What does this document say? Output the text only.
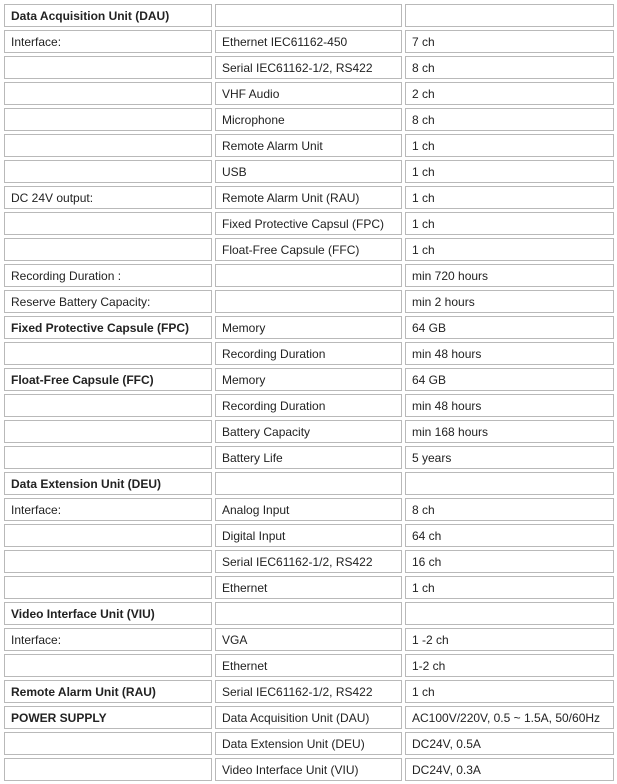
Data Acquisition Unit (DAU)		
Interface:	Ethernet IEC61162-450	7 ch
	Serial IEC61162-1/2, RS422	8 ch
	VHF Audio	2 ch
	Microphone	8 ch
	Remote Alarm Unit	1 ch
	USB	1 ch
DC 24V output:	Remote Alarm Unit (RAU)	1 ch
	Fixed Protective Capsul (FPC)	1 ch
	Float-Free Capsule (FFC)	1 ch
Recording Duration :		min 720 hours
Reserve Battery Capacity:		min 2 hours
Fixed Protective Capsule (FPC)	Memory	64 GB
	Recording Duration	min 48 hours
Float-Free Capsule (FFC)	Memory	64 GB
	Recording Duration	min 48 hours
	Battery Capacity	min 168 hours
	Battery Life	5 years
Data Extension Unit (DEU)		
Interface:	Analog Input	8 ch
	Digital Input	64 ch
	Serial IEC61162-1/2, RS422	16 ch
	Ethernet	1 ch
Video Interface Unit (VIU)		
Interface:	VGA	1 -2 ch
	Ethernet	1-2 ch
Remote Alarm Unit (RAU)	Serial IEC61162-1/2, RS422	1 ch
POWER SUPPLY	Data Acquisition Unit (DAU)	AC100V/220V, 0.5 ~ 1.5A, 50/60Hz
	Data Extension Unit (DEU)	DC24V, 0.5A
	Video Interface Unit (VIU)	DC24V, 0.3A
